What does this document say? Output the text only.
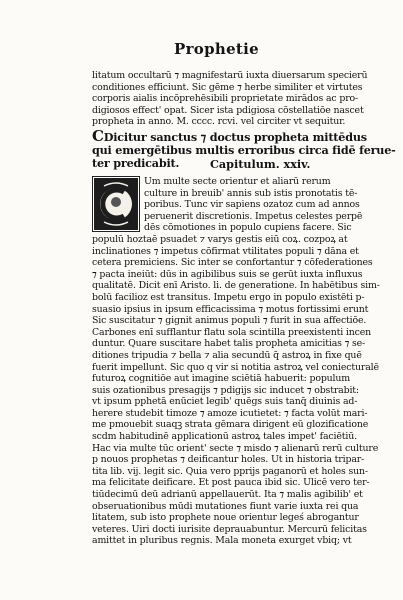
Prophetie
litatum occultarū ⁊ magnifestarū iuxta diuersarum specierū
conditiones efficiunt. Sic gēme ⁊ herbe similiter et virtutes
corporis aialis incōprehēsibili proprietate mirādos ac pro-
digiosos effect' opat. Sicer ista pdigiosa cōstellatiōe nascet
propheta in anno. M. cccc. rcvi. vel circiter vt sequitur.
CDicitur sanctus ⁊ doctus propheta mittēdus
qui emergētibus multis erroribus circa fidē ferue-
ter predicabit.	Capitulum. xxiv.
Um multe secte orientur et aliarū rerum
culture in breuib' annis sub istis pronotatis tē-
poribus. Tunc vir sapiens ozatoz cum ad annos
peruenerit discretionis. Impetus celestes perpē
dēs cōmotiones in populo cupiens facere. Sic
populū hoztaē psuadet ⁊ varys gestis eiū coꝝ. cozpoꝝ at
inclinationes ⁊ impetus cōfirmat vtilitates populi ⁊ dāna et
cetera premiciens. Sic inter se confortantur ⁊ cōfederationes
⁊ pacta ineiūt: dūs in agibilibus suis se gerūt iuxta influxus
qualitatē. Dicit enī Aristo. li. de generatione. In habētibus sim-
bolū facilioz est transitus. Impetu ergo in populo existēti p-
suasio ipsius in ipsum efficacissima ⁊ motus fortissimi erunt
Sic suscitatur ⁊ gignit animus populi ⁊ furit in sua affectiōe.
Carbones enī sufflantur flatu sola scintilla preexistenti incen
duntur. Quare suscitare habet talis propheta amicitias ⁊ se-
ditiones tripudia ⁊ bella ⁊ alia secundū q̄ astroꝝ in fixe quē
fuerit impellunt. Sic quo q vir si notitia astroꝝ vel coniecturalē
futuroꝝ cognitiōe aut imagine sciētiā habuerit: populum
suis ozationibus presagijs ⁊ pdigijs sic inducet ⁊ obstrabit:
vt ipsum pphetā enūciet legib' quēgs suis tanq̄ diuinis ad-
herere studebit timoze ⁊ amoze icutietet: ⁊ facta volūt mari-
me pmouebit suaqꝫ strata gēmara dirigent eū glozificatione
scdm habitudinē applicationū astroꝝ tales impet' faciētiū.
Hac via multe tūc orient' secte ⁊ misdo ⁊ alienarū rerū culture
p nouos prophetas ⁊ deificantur holes. Ut in historia tripar-
tita lib. vij. legit sic. Quia vero pprijs paganorū et holes sun-
ma felicitate deificare. Et post pauca ibid sic. Ulicē vero ter-
tiūdecimū deū adrianū appellauerūt. Ita ⁊ malis agibilib' et
obseruationibus mūdi mutationes fiunt varie iuxta rei qua
litatem, sub isto prophete noue orientur legeś abrogantur
veteres. Uiri docti iurisite deprauabuntur. Mercurū felicitas
amittet in pluribus regnis. Mala moneta exurget vbiq; vt
